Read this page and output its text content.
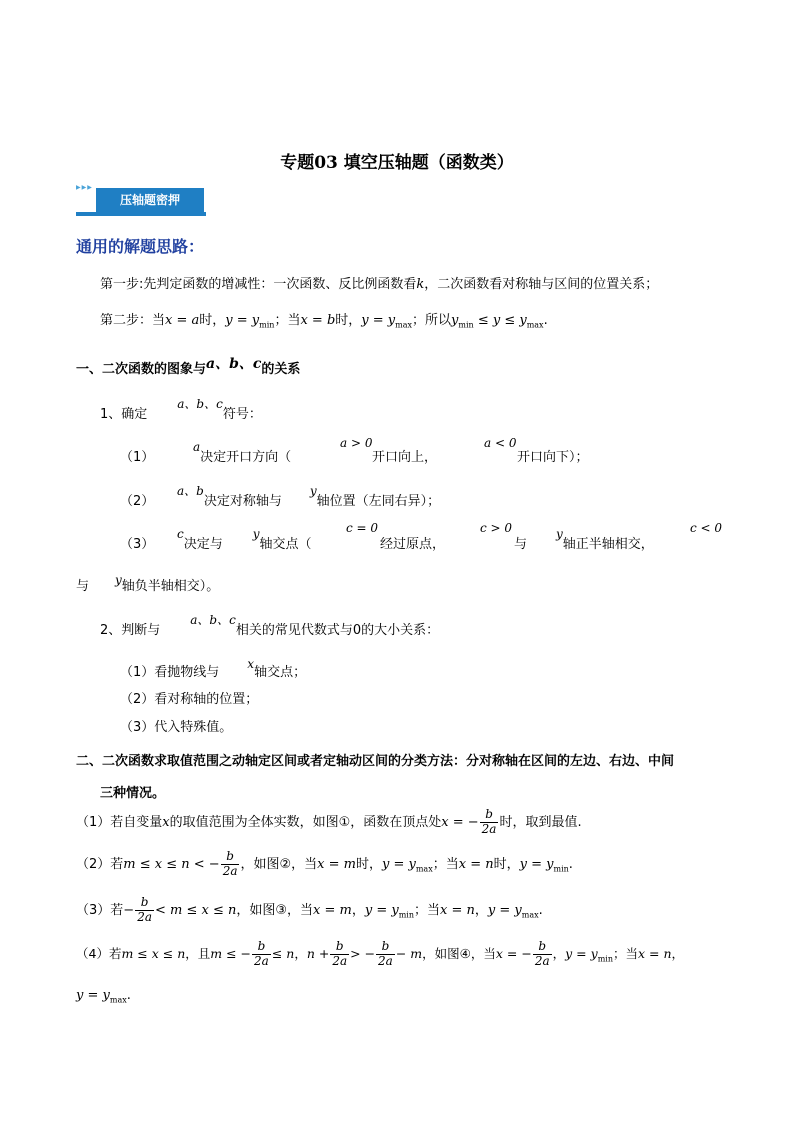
专题03 填空压轴题（函数类）
▶▶▶
压轴题密押
通用的解题思路：
第一步:先判定函数的增减性：一次函数、反比例函数看k，二次函数看对称轴与区间的位置关系；
第二步：当x = a时，$y = y_{min}$；当x = b时，$y = y_{max}$；所以$y_{min} \le y \le y_{max}$.
一、二次函数的图象与a、b、c的关系
1、确定a、b、c符号：
（1）
a决定开口方向（
a > 0
开口向上，
a < 0
开口向下）；
（2）
a、b决定对称轴与y轴位置（左同右异）；
（3）
c决定与y轴交点（
c = 0
经过原点，
c > 0
与
y轴正半轴相交，
c < 0
与 y轴负半轴相交）。
2、判断与a、b、c相关的常见代数式与0的大小关系：
（1）看抛物线与x轴交点；
（2）看对称轴的位置；
（3）代入特殊值。
二、二次函数求取值范围之动轴定区间或者定轴动区间的分类方法：分对称轴在区间的左边、右边、中间
三种情况。
（1）若自变量x的取值范围为全体实数，如图①，函数在顶点处x = − $\frac{b}{2a}$ 时，取到最值.
（2）若m ≤ x ≤ n < − $\frac{b}{2a}$ ，如图②，当x = m时，$y = y_{max}$；当x = n时，$y = y_{min}$.
（3）若− $\frac{b}{2a} < m \le x \le n$，如图③，当x = m，$y = y_{min}$；当x = n，$y = y_{max}$.
（4）若m ≤ x ≤ n，且m ≤ − $\frac{b}{2a} \le n$，$n + \frac{b}{2a}$ > − $\frac{b}{2a} - m$，如图④，当x = − $\frac{b}{2a}$ ，$y = y_{min}$；当x = n，
$y = y_{max}$.
